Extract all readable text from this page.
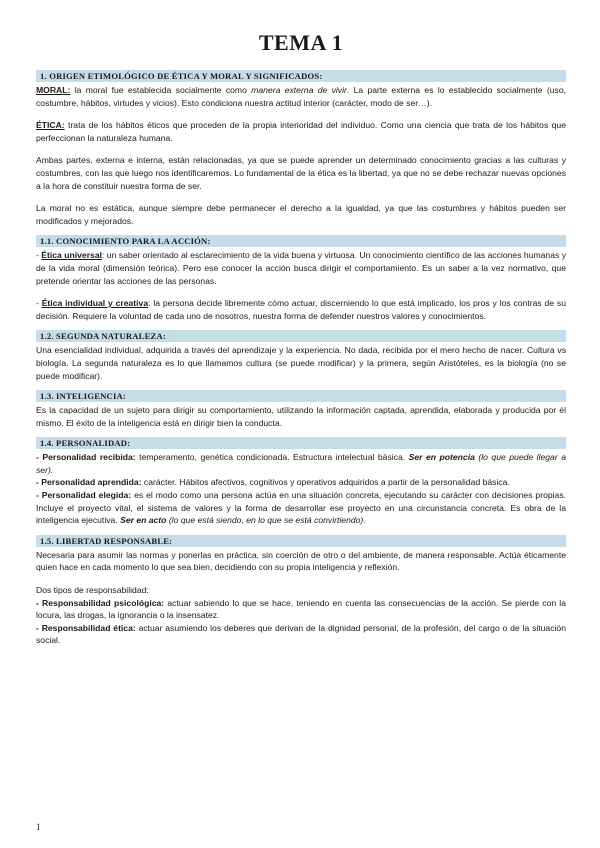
TEMA 1
1. ORIGEN ETIMOLÓGICO DE ÉTICA Y MORAL Y SIGNIFICADOS:

MORAL: la moral fue establecida socialmente como manera externa de vivir. La parte externa es lo establecido socialmente (uso, costumbre, hábitos, virtudes y vicios). Esto condiciona nuestra actitud interior (carácter, modo de ser…).

ÉTICA: trata de los hábitos éticos que proceden de la propia interioridad del individuo. Como una ciencia que trata de los hábitos que perfeccionan la naturaleza humana.

Ambas partes, externa e interna, están relacionadas, ya que se puede aprender un determinado conocimiento gracias a las culturas y costumbres, con las que luego nos identificaremos. Lo fundamental de la ética es la libertad, ya que no se debe rechazar nuevas opciones a la hora de constituir nuestra forma de ser.

La moral no es estática, aunque siempre debe permanecer el derecho a la igualdad, ya que las costumbres y hábitos pueden ser modificados y mejorados.

1.1. CONOCIMIENTO PARA LA ACCIÓN:

- Ética universal: un saber orientado al esclarecimiento de la vida buena y virtuosa. Un conocimiento científico de las acciones humanas y de la vida moral (dimensión teórica). Pero ese conocer la acción busca dirigir el comportamiento. Es un saber a la vez normativo, que pretende orientar las acciones de las personas.

- Ética individual y creativa: la persona decide libremente cómo actuar, discerniendo lo que está implicado, los pros y los contras de su decisión. Requiere la voluntad de cada uno de nosotros, nuestra forma de defender nuestros valores y conocimientos.

1.2. SEGUNDA NATURALEZA:

Una esencialidad individual, adquirida a través del aprendizaje y la experiencia. No dada, recibida por el mero hecho de nacer. Cultura vs biología. La segunda naturaleza es lo que llamamos cultura (se puede modificar) y la primera, según Aristóteles, es la biología (no se puede modificar).

1.3. INTELIGENCIA:

Es la capacidad de un sujeto para dirigir su comportamiento, utilizando la información captada, aprendida, elaborada y producida por él mismo. El éxito de la inteligencia está en dirigir bien la conducta.

1.4. PERSONALIDAD:

- Personalidad recibida: temperamento, genética condicionada. Estructura intelectual básica. Ser en potencia (lo que puede llegar a ser).

- Personalidad aprendida: carácter. Hábitos afectivos, cognitivos y operativos adquiridos a partir de la personalidad básica.

- Personalidad elegida: es el modo como una persona actúa en una situación concreta, ejecutando su carácter con decisiones propias. Incluye el proyecto vital, el sistema de valores y la forma de desarrollar ese proyecto en una circunstancia concreta. Es obra de la inteligencia ejecutiva. Ser en acto (lo que está siendo, en lo que se está convirtiendo).

1.5. LIBERTAD RESPONSABLE:

Necesaria para asumir las normas y ponerlas en práctica, sin coerción de otro o del ambiente, de manera responsable. Actúa éticamente quien hace en cada momento lo que sea bien, decidiendo con su propia inteligencia y reflexión.

Dos tipos de responsabilidad:

- Responsabilidad psicológica: actuar sabiendo lo que se hace, teniendo en cuenta las consecuencias de la acción. Se pierde con la locura, las drogas, la ignorancia o la insensatez.

- Responsabilidad ética: actuar asumiendo los deberes que derivan de la dignidad personal, de la profesión, del cargo o de la situación social.

1
